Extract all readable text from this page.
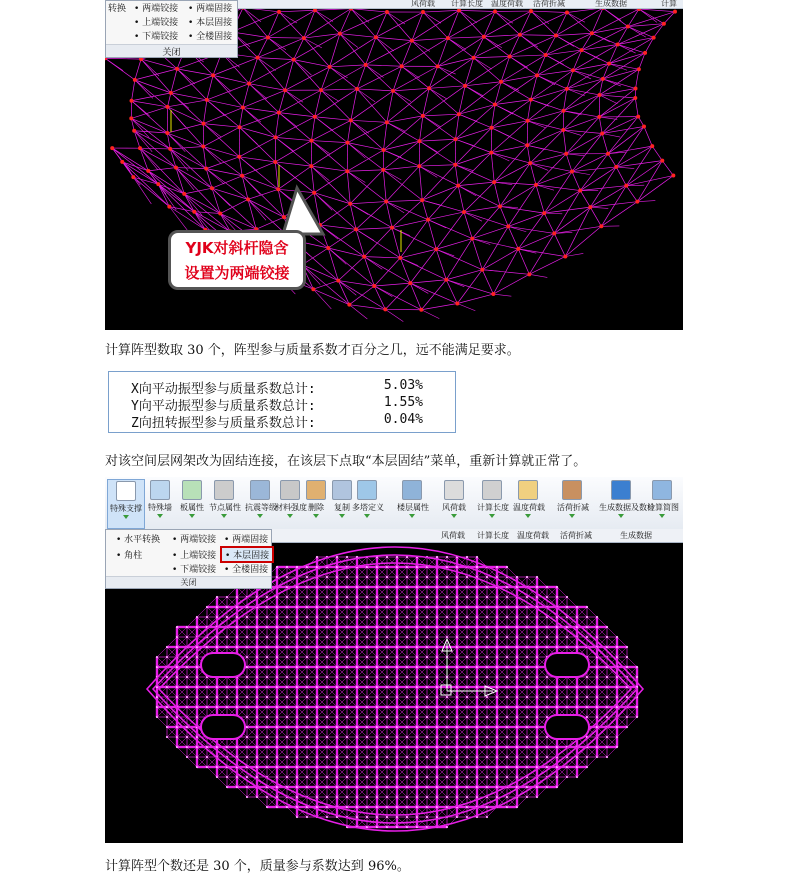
风荷载 计算长度 温度荷载 活荷折减	生成数据	计算
转换 • 两端铰接
• 上端铰接
• 下端铰接
• 两端固接
• 本层固接
• 全楼固接
关闭
YJK对斜杆隐含
设置为两端铰接
计算阵型数取 30 个，阵型参与质量系数才百分之几，远不能满足要求。
X向平动振型参与质量系数总计:	5.03%
Y向平动振型参与质量系数总计:	1.55%
Z向扭转振型参与质量系数总计:	0.04%
对该空间层网架改为固结连接，在该层下点取“本层固结”菜单，重新计算就正常了。
特殊支撑 特殊墙	板属性 节点属性 抗震等级
材料强度 删除	复制 多塔定义 楼层属性	风荷载	计算长度 温度荷载 活荷折减 生成数据及数检
计算简图
风荷载 计算长度 温度荷载 活荷折减	生成数据
• 水平转换
• 角柱
• 两端铰接
• 上端铰接
• 下端铰接
• 两端固接
• 本层固接
• 全楼固接
关闭
计算阵型个数还是 30 个，质量参与系数达到 96%。
